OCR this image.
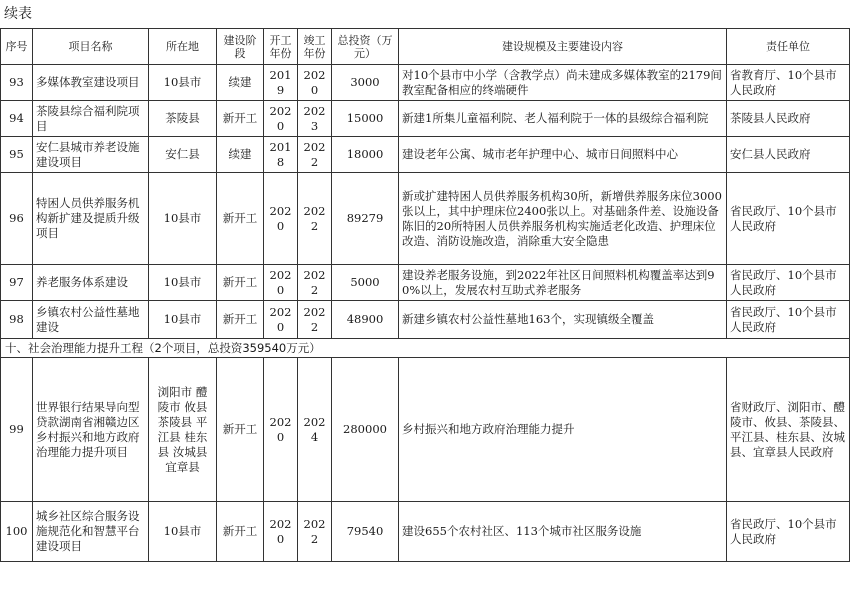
续表
序号	项目名称	所在地	建设阶段	开工年份	竣工年份	总投资（万元）	建设规模及主要建设内容	责任单位
93	多媒体教室建设项目	10县市	续建	2019	2020	3000	对10个县市中小学（含教学点）尚未建成多媒体教室的2179间教室配备相应的终端硬件	省教育厅、10个县市人民政府
94	茶陵县综合福利院项目	茶陵县	新开工	2020	2023	15000	新建1所集儿童福利院、老人福利院于一体的县级综合福利院	茶陵县人民政府
95	安仁县城市养老设施建设项目	安仁县	续建	2018	2022	18000	建设老年公寓、城市老年护理中心、城市日间照料中心	安仁县人民政府
96	特困人员供养服务机构新扩建及提质升级项目	10县市	新开工	2020	2022	89279	新或扩建特困人员供养服务机构30所，新增供养服务床位3000张以上，其中护理床位2400张以上。对基础条件差、设施设备陈旧的20所特困人员供养服务机构实施适老化改造、护理床位改造、消防设施改造，消除重大安全隐患	省民政厅、10个县市人民政府
97	养老服务体系建设	10县市	新开工	2020	2022	5000	建设养老服务设施，到2022年社区日间照料机构覆盖率达到90%以上，发展农村互助式养老服务	省民政厅、10个县市人民政府
98	乡镇农村公益性墓地建设	10县市	新开工	2020	2022	48900	新建乡镇农村公益性墓地163个，实现镇级全覆盖	省民政厅、10个县市人民政府
十、社会治理能力提升工程（2个项目，总投资359540万元）								
99	世界银行结果导向型贷款湖南省湘赣边区乡村振兴和地方政府治理能力提升项目	浏阳市 醴陵市 攸县 茶陵县 平江县 桂东县 汝城县 宜章县	新开工	2020	2024	280000	乡村振兴和地方政府治理能力提升	省财政厅、浏阳市、醴陵市、攸县、茶陵县、平江县、桂东县、汝城县、宜章县人民政府
100	城乡社区综合服务设施规范化和智慧平台建设项目	10县市	新开工	2020	2022	79540	建设655个农村社区、113个城市社区服务设施	省民政厅、10个县市人民政府
